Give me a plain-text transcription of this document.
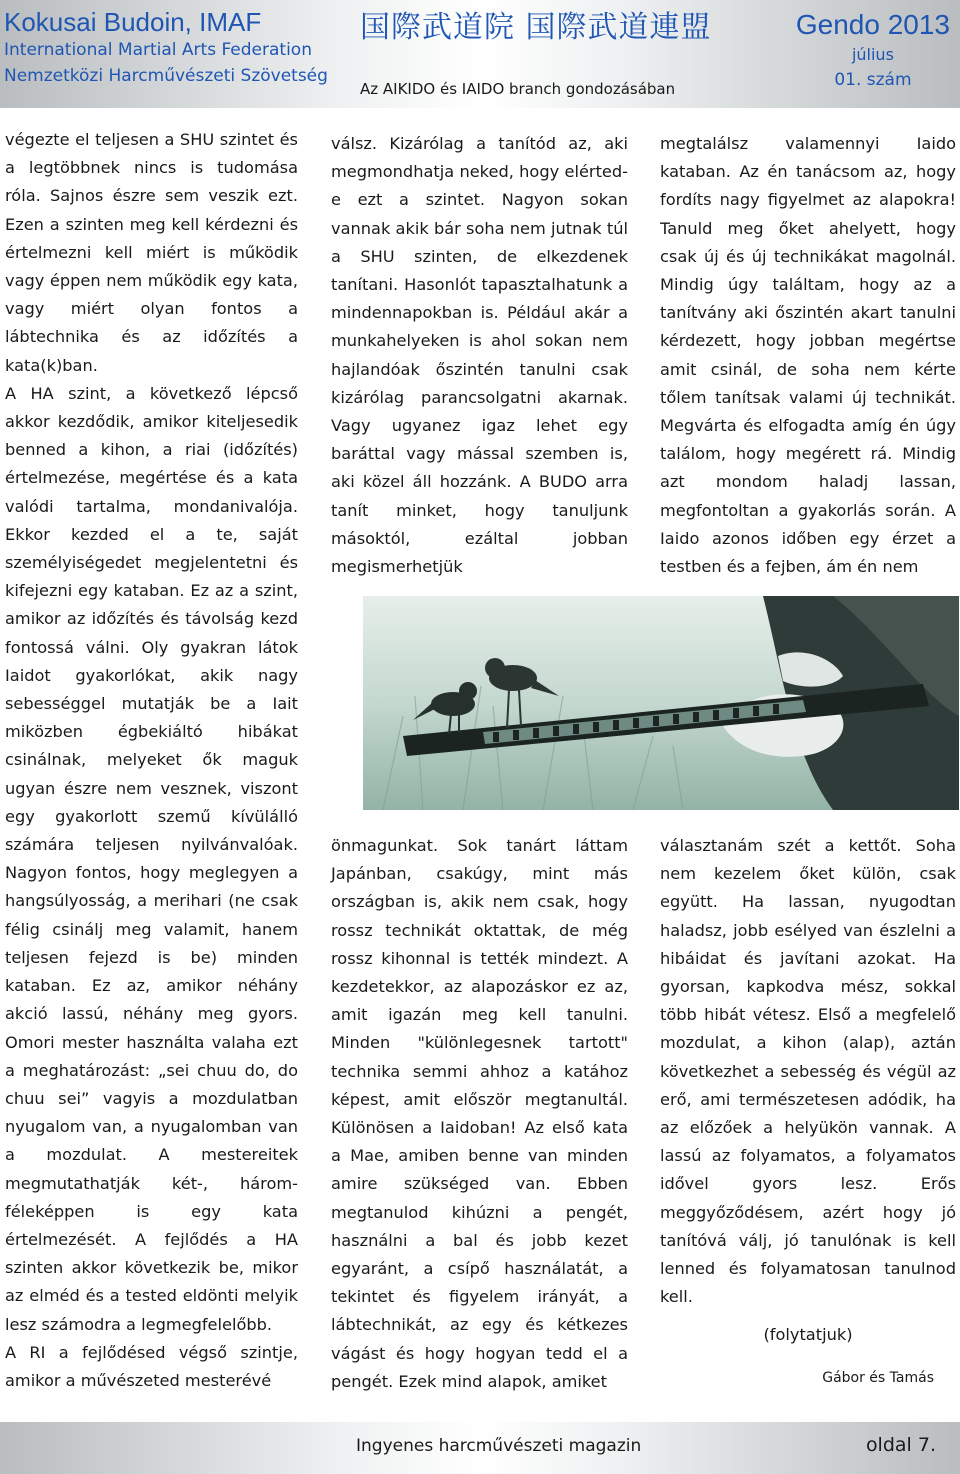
Kokusai Budoin, IMAF
International Martial Arts Federation
Nemzetközi Harcművészeti Szövetség
国際武道院 国際武道連盟
Az AIKIDO és IAIDO branch gondozásában
Gendo 2013
július
01. szám

végezte el teljesen a SHU szintet és a legtöbbnek nincs is tudomása róla. Sajnos észre sem veszik ezt. Ezen a szinten meg kell kérdezni és értelmezni kell miért is működik vagy éppen nem működik egy kata, vagy miért olyan fontos a lábtechnika és az időzítés a kata(k)ban.

A HA szint, a következő lépcső akkor kezdődik, amikor kiteljesedik benned a kihon, a riai (időzítés) értelmezése, megértése és a kata valódi tartalma, mondanivalója. Ekkor kezded el a te, saját személyiségedet megjelentetni és kifejezni egy kataban. Ez az a szint, amikor az időzítés és távolság kezd fontossá válni. Oly gyakran látok Iaidot gyakorlókat, akik nagy sebességgel mutatják be a Iait miközben égbekiáltó hibákat csinálnak, melyeket ők maguk ugyan észre nem vesznek, viszont egy gyakorlott szemű kívülálló számára teljesen nyilvánvalóak. Nagyon fontos, hogy meglegyen a hangsúlyosság, a merihari (ne csak félig csinálj meg valamit, hanem teljesen fejezd is be) minden kataban. Ez az, amikor néhány akció lassú, néhány meg gyors. Omori mester használta valaha ezt a meghatározást: „sei chuu do, do chuu sei” vagyis a mozdulatban nyugalom van, a nyugalomban van a mozdulat. A mestereitek megmutathatják két-, három-féleképpen is egy kata értelmezését. A fejlődés a HA szinten akkor következik be, mikor az elméd és a tested eldönti melyik lesz számodra a legmegfelelőbb.

A RI a fejlődésed végső szintje, amikor a művészeted mesterévé

válsz. Kizárólag a tanítód az, aki megmondhatja neked, hogy elérted-e ezt a szintet. Nagyon sokan vannak akik bár soha nem jutnak túl a SHU szinten, de elkezdenek tanítani. Hasonlót tapasztalhatunk a mindennapokban is. Például akár a munkahelyeken is ahol sokan nem hajlandóak őszintén tanulni csak kizárólag parancsolgatni akarnak. Vagy ugyanez igaz lehet egy baráttal vagy mással szemben is, aki közel áll hozzánk. A BUDO arra tanít minket, hogy tanuljunk másoktól, ezáltal jobban megismerhetjük

megtalálsz valamennyi Iaido kataban. Az én tanácsom az, hogy fordíts nagy figyelmet az alapokra! Tanuld meg őket ahelyett, hogy csak új és új technikákat magolnál. Mindig úgy találtam, hogy az a tanítvány aki őszintén akart tanulni kérdezett, hogy jobban megértse amit csinál, de soha nem kérte tőlem tanítsak valami új technikát. Megvárta és elfogadta amíg én úgy találom, hogy megérett rá. Mindig azt mondom haladj lassan, megfontoltan a gyakorlás során. A Iaido azonos időben egy érzet a testben és a fejben, ám én nem

önmagunkat. Sok tanárt láttam Japánban, csakúgy, mint más országban is, akik nem csak, hogy rossz technikát oktattak, de még rossz kihonnal is tették mindezt. A kezdetekkor, az alapozáskor ez az, amit igazán meg kell tanulni. Minden "különlegesnek tartott" technika semmi ahhoz a katához képest, amit először megtanultál. Különösen a Iaidoban! Az első kata a Mae, amiben benne van minden amire szükséged van. Ebben megtanulod kihúzni a pengét, használni a bal és jobb kezet egyaránt, a csípő használatát, a tekintet és figyelem irányát, a lábtechnikát, az egy és kétkezes vágást és hogy hogyan tedd el a pengét. Ezek mind alapok, amiket

választanám szét a kettőt. Soha nem kezelem őket külön, csak együtt. Ha lassan, nyugodtan haladsz, jobb esélyed van észlelni a hibáidat és javítani azokat. Ha gyorsan, kapkodva mész, sokkal több hibát vétesz. Első a megfelelő mozdulat, a kihon (alap), aztán következhet a sebesség és végül az erő, ami természetesen adódik, ha az előzőek a helyükön vannak. A lassú az folyamatos, a folyamatos idővel gyors lesz. Erős meggyőződésem, azért hogy jó tanítóvá válj, jó tanulónak is kell lenned és folyamatosan tanulnod kell.

(folytatjuk)

Gábor és Tamás

Ingyenes harcművészeti magazin	oldal 7.
